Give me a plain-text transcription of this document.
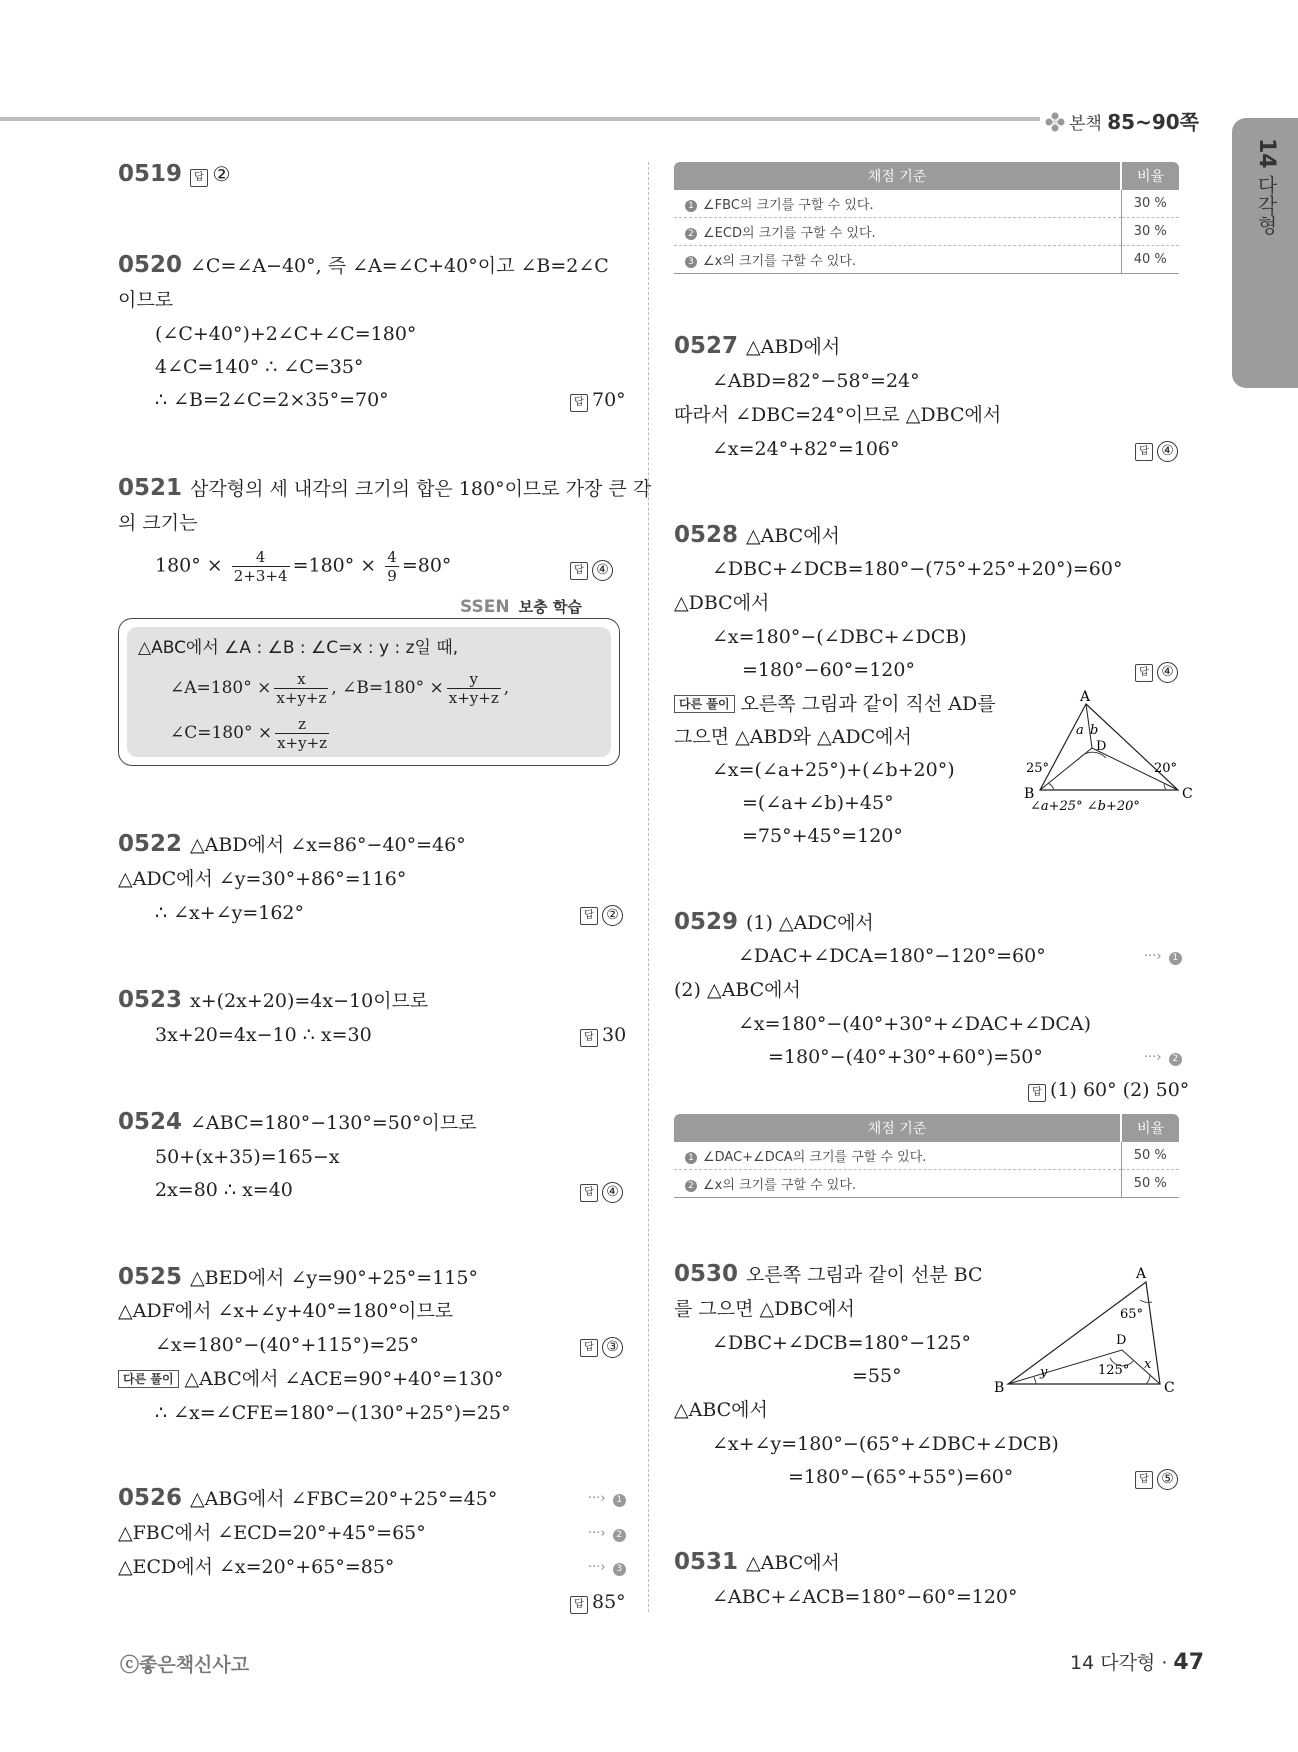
본책 85~90쪽
14 다각형
0519 답 ②
0520 ∠C=∠A−40°, 즉 ∠A=∠C+40°이고 ∠B=2∠C
이므로
(∠C+40°)+2∠C+∠C=180°
4∠C=140° ∴ ∠C=35°
∴ ∠B=2∠C=2×35°=70°	답 70°
0521 삼각형의 세 내각의 크기의 합은 180°이므로 가장 큰 각
의 크기는
$180^\circ \times \frac{4}{2+3+4} =180^\circ \times \frac{4}{9} =80^\circ$	답 ④
SSEN 보충 학습
△ABC에서 ∠A : ∠B : ∠C=x : y : z일 때,
∠A=180° × $\frac{x}{x+y+z}$ , ∠B=180° × $\frac{y}{x+y+z}$ ,
∠C=180° × $\frac{z}{x+y+z}$
0522 △ABD에서 ∠x=86°−40°=46°
△ADC에서 ∠y=30°+86°=116°
∴ ∠x+∠y=162°	답 ②
0523 x+(2x+20)=4x−10이므로
3x+20=4x−10 ∴ x=30	답 30
0524 ∠ABC=180°−130°=50°이므로
50+(x+35)=165−x
2x=80 ∴ x=40	답 ④
0525 △BED에서 ∠y=90°+25°=115°
△ADF에서 ∠x+∠y+40°=180°이므로
∠x=180°−(40°+115°)=25°	답 ③
다른 풀이 △ABC에서 ∠ACE=90°+40°=130°
∴ ∠x=∠CFE=180°−(130°+25°)=25°
0526 △ABG에서 ∠FBC=20°+25°=45°	···› 1
△FBC에서 ∠ECD=20°+45°=65°	···› 2
△ECD에서 ∠x=20°+65°=85°	···› 3
답 85°
채점 기준	비율
1 ∠FBC의 크기를 구할 수 있다.	30 %
2 ∠ECD의 크기를 구할 수 있다.	30 %
3 ∠x의 크기를 구할 수 있다.	40 %
0527 △ABD에서
∠ABD=82°−58°=24°
따라서 ∠DBC=24°이므로 △DBC에서
∠x=24°+82°=106°	답 ④
0528 △ABC에서
∠DBC+∠DCB=180°−(75°+25°+20°)=60°
△DBC에서
∠x=180°−(∠DBC+∠DCB)
=180°−60°=120°	답 ④
다른 풀이 오른쪽 그림과 같이 직선 AD를
그으면 △ABD와 △ADC에서
∠x=(∠a+25°)+(∠b+20°)
=(∠a+∠b)+45°
=75°+45°=120°
A
B	C
D
a b
25°	20°
∠a+25° ∠b+20°
0529 (1) △ADC에서
∠DAC+∠DCA=180°−120°=60°	···› 1
(2) △ABC에서
∠x=180°−(40°+30°+∠DAC+∠DCA)
=180°−(40°+30°+60°)=50°	···› 2
답 (1) 60° (2) 50°
채점 기준	비율
1 ∠DAC+∠DCA의 크기를 구할 수 있다.	50 %
2 ∠x의 크기를 구할 수 있다.	50 %
0530 오른쪽 그림과 같이 선분 BC
를 그으면 △DBC에서
∠DBC+∠DCB=180°−125°
=55°
△ABC에서
∠x+∠y=180°−(65°+∠DBC+∠DCB)
=180°−(65°+55°)=60°	답 ⑤
A
B	C
D
65°
125° x
y
0531 △ABC에서
∠ABC+∠ACB=180°−60°=120°
ⓒ좋은책신사고	14 다각형 · 47
